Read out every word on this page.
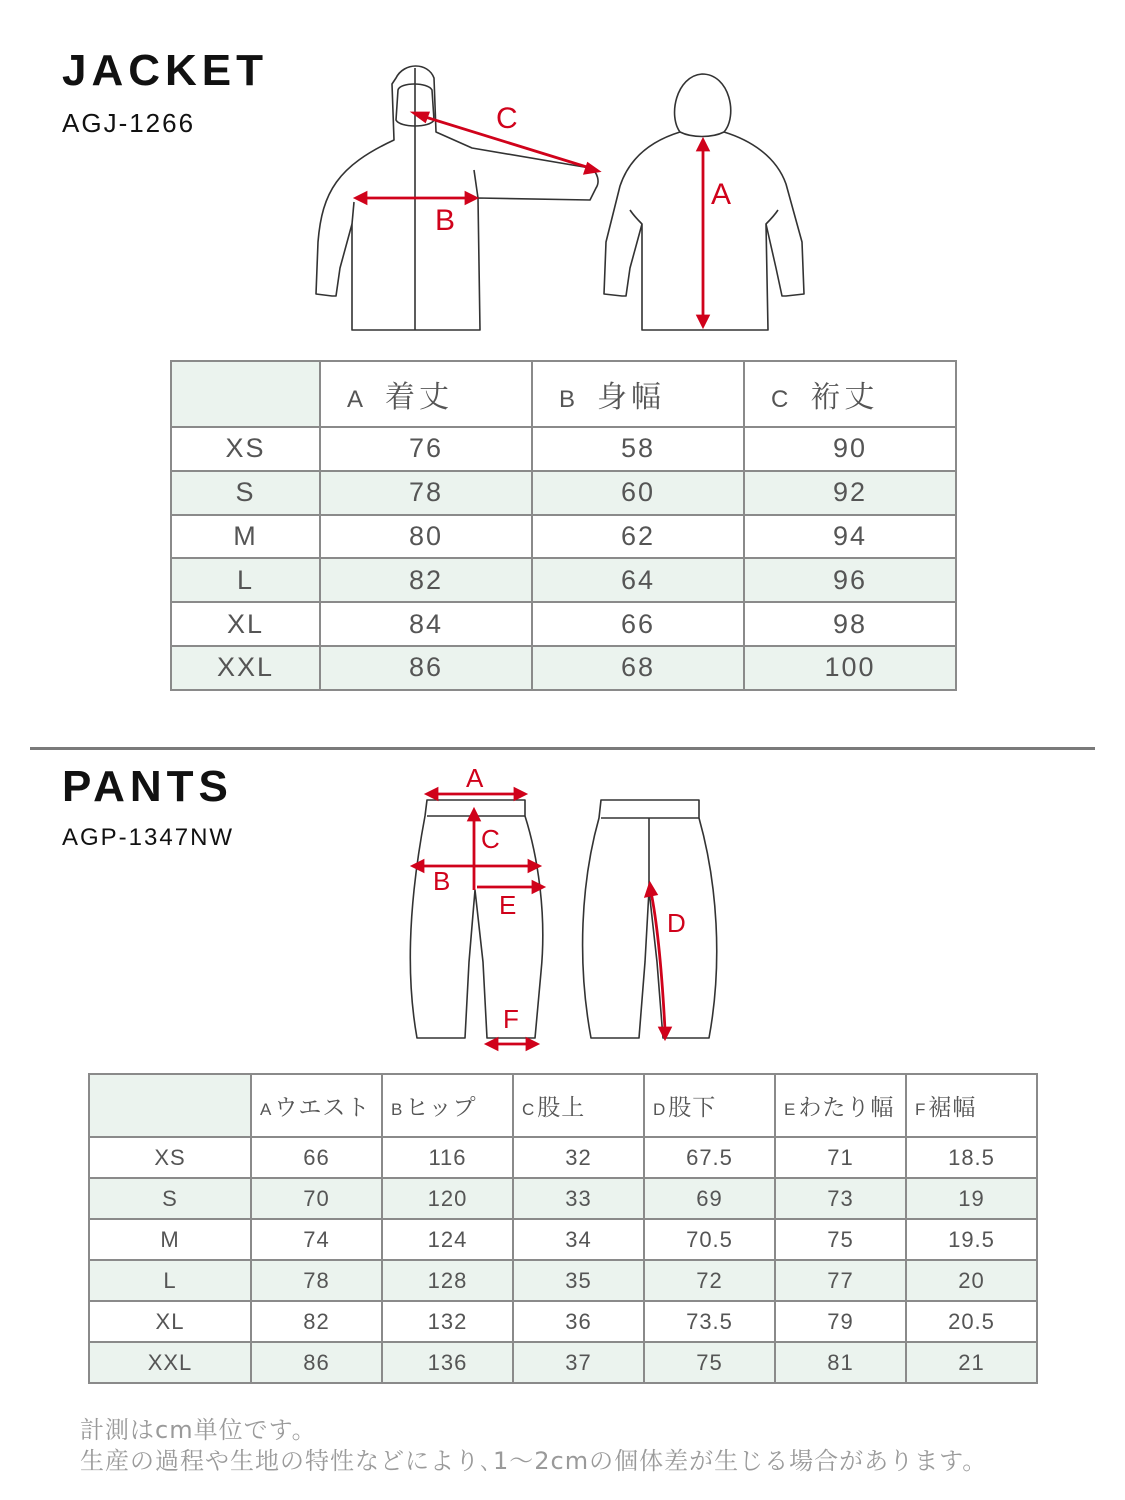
JACKET
AGJ-1266	C
B
A
	A 着丈	B 身幅	C 裄丈
XS	76	58	90
S	78	60	92
M	80	62	94
L	82	64	96
XL	84	66	98
XXL	86	68	100
PANTS
AGP-1347NW
A
C
B
E
D
F
	Aウエスト	Bヒップ	C股上	D股下	Eわたり幅	F裾幅
XS	66	116	32	67.5	71	18.5
S	70	120	33	69	73	19
M	74	124	34	70.5	75	19.5
L	78	128	35	72	77	20
XL	82	132	36	73.5	79	20.5
XXL	86	136	37	75	81	21
計測はcm単位です。
生産の過程や生地の特性などにより､1～2cmの個体差が生じる場合があります。
